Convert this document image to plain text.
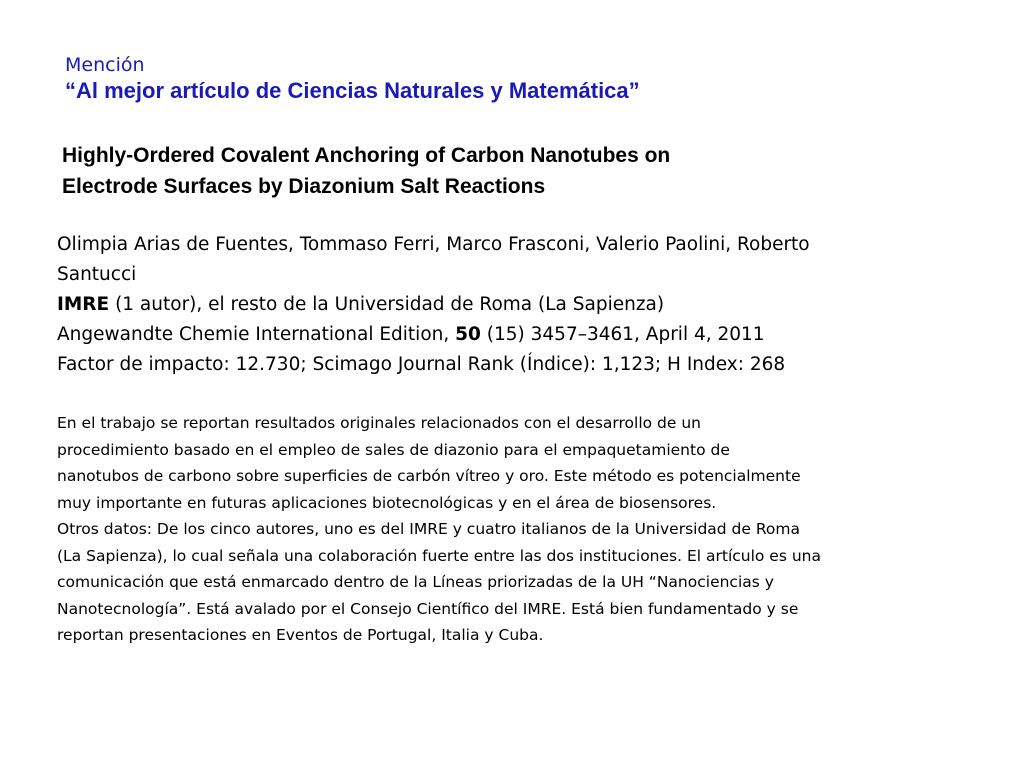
Mención
“Al mejor artículo de Ciencias Naturales y Matemática”
Highly-Ordered Covalent Anchoring of Carbon Nanotubes on
Electrode Surfaces by Diazonium Salt Reactions
Olimpia Arias de Fuentes, Tommaso Ferri, Marco Frasconi, Valerio Paolini, Roberto
Santucci
IMRE (1 autor), el resto de la Universidad de Roma (La Sapienza)
Angewandte Chemie International Edition, 50 (15) 3457–3461, April 4, 2011
Factor de impacto: 12.730; Scimago Journal Rank (Índice): 1,123; H Index: 268
En el trabajo se reportan resultados originales relacionados con el desarrollo de un
procedimiento basado en el empleo de sales de diazonio para el empaquetamiento de
nanotubos de carbono sobre superficies de carbón vítreo y oro. Este método es potencialmente
muy importante en futuras aplicaciones biotecnológicas y en el área de biosensores.
Otros datos: De los cinco autores, uno es del IMRE y cuatro italianos de la Universidad de Roma
(La Sapienza), lo cual señala una colaboración fuerte entre las dos instituciones. El artículo es una
comunicación que está enmarcado dentro de la Líneas priorizadas de la UH “Nanociencias y
Nanotecnología”. Está avalado por el Consejo Científico del IMRE. Está bien fundamentado y se
reportan presentaciones en Eventos de Portugal, Italia y Cuba.
